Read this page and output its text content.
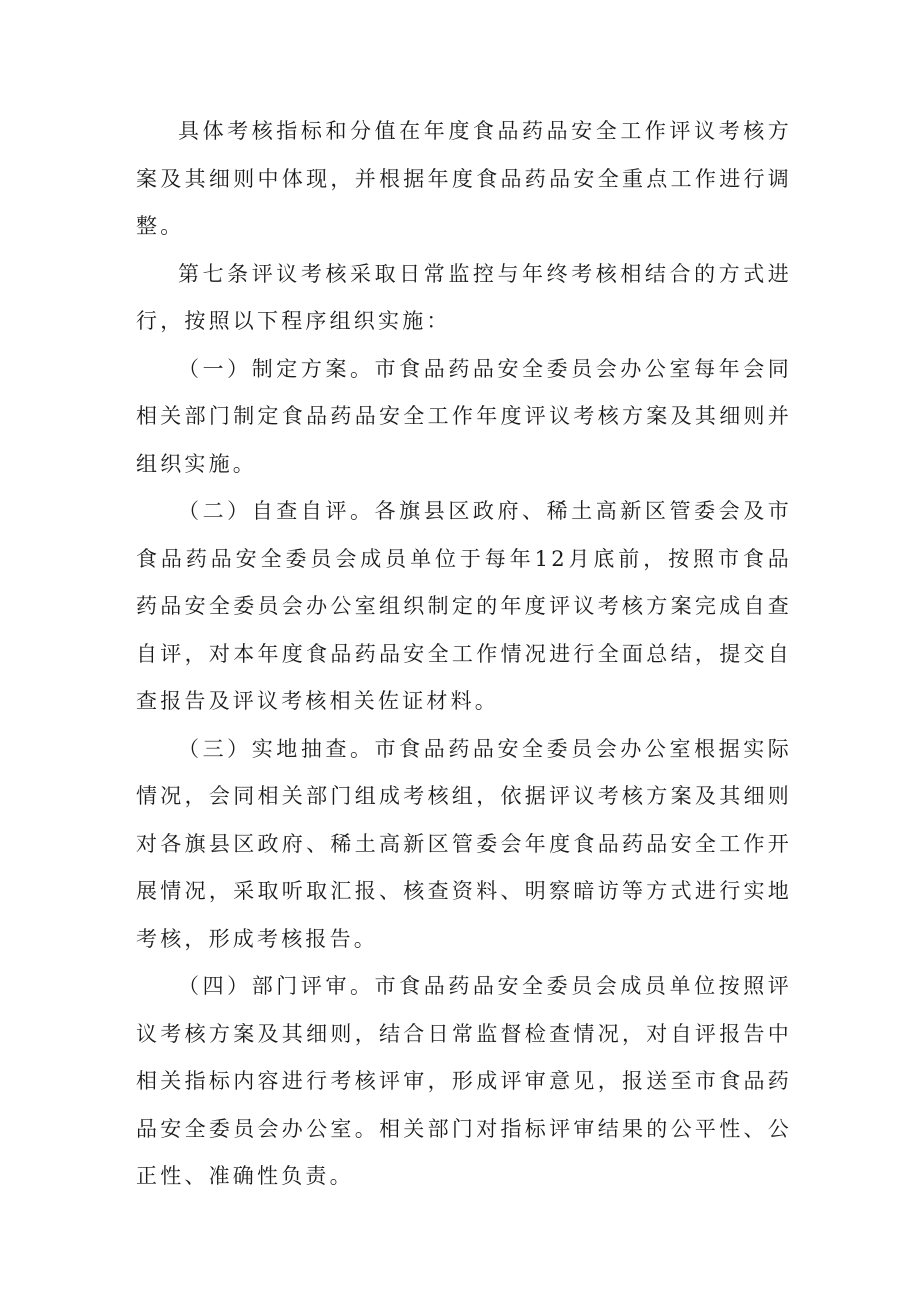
具体考核指标和分值在年度食品药品安全工作评议考核方案及其细则中体现，并根据年度食品药品安全重点工作进行调整。

第七条评议考核采取日常监控与年终考核相结合的方式进行，按照以下程序组织实施：

（一）制定方案。市食品药品安全委员会办公室每年会同相关部门制定食品药品安全工作年度评议考核方案及其细则并组织实施。

（二）自查自评。各旗县区政府、稀土高新区管委会及市食品药品安全委员会成员单位于每年12月底前，按照市食品药品安全委员会办公室组织制定的年度评议考核方案完成自查自评，对本年度食品药品安全工作情况进行全面总结，提交自查报告及评议考核相关佐证材料。

（三）实地抽查。市食品药品安全委员会办公室根据实际情况，会同相关部门组成考核组，依据评议考核方案及其细则对各旗县区政府、稀土高新区管委会年度食品药品安全工作开展情况，采取听取汇报、核查资料、明察暗访等方式进行实地考核，形成考核报告。

（四）部门评审。市食品药品安全委员会成员单位按照评议考核方案及其细则，结合日常监督检查情况，对自评报告中相关指标内容进行考核评审，形成评审意见，报送至市食品药品安全委员会办公室。相关部门对指标评审结果的公平性、公正性、准确性负责。
